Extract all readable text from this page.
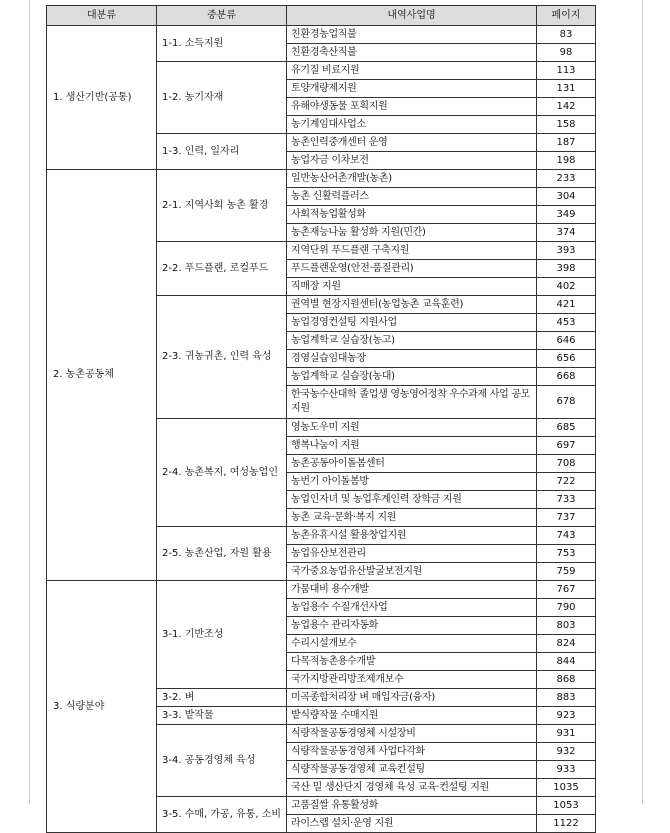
대분류	중분류	내역사업명	페이지
1. 생산기반(공통)	1-1. 소득지원	친환경농업직불	83
		친환경축산직불	98
	1-2. 농기자재	유기질 비료지원	113
		토양개량제지원	131
		유해야생동물 포획지원	142
		농기계임대사업소	158
	1-3. 인력, 일자리	농촌인력중개센터 운영	187
		농업자금 이차보전	198
2. 농촌공동체	2-1. 지역사회 농촌 활경	일반농산어촌개발(농촌)	233
		농촌 신활력플러스	304
		사회적농업활성화	349
		농촌재능나눔 활성화 지원(민간)	374
	2-2. 푸드플랜, 로컬푸드	지역단위 푸드플랜 구축지원	393
		푸드플랜운영(안전·품질관리)	398
		직매장 지원	402
	2-3. 귀농귀촌, 인력 육성	권역별 현장지원센터(농업농촌 교육훈련)	421
		농업경영컨설팅 지원사업	453
		농업계학교 실습장(농고)	646
		경영실습임대농장	656
		농업계학교 실습장(농대)	668
		한국농수산대학 졸업생 영농영어정착 우수과제 사업 공모지원	678
	2-4. 농촌복지, 여성농업인	영농도우미 지원	685
		행복나눔이 지원	697
		농촌공동아이돌봄센터	708
		농번기 아이돌봄방	722
		농업인자녀 및 농업후계인력 장학금 지원	733
		농촌 교육·문화·복지 지원	737
	2-5. 농촌산업, 자원 활용	농촌유휴시설 활용창업지원	743
		농업유산보전관리	753
		국가중요농업유산발굴보전지원	759
3. 식량분야	3-1. 기반조성	가뭄대비 용수개발	767
		농업용수 수질개선사업	790
		농업용수 관리자동화	803
		수리시설개보수	824
		다목적농촌용수개발	844
		국가지방관리방조제개보수	868
	3-2. 벼	미곡종합처리장 벼 매입자금(융자)	883
	3-3. 밭작물	밭식량작물 수매지원	923
	3-4. 공동경영체 육성	식량작물공동경영체 시설장비	931
		식량작물공동경영체 사업다각화	932
		식량작물공동경영체 교육컨설팅	933
		국산 밀 생산단지 경영체 육성 교육·컨설팅 지원	1035
	3-5. 수매, 가공, 유통, 소비	고품질쌀 유통활성화	1053
		라이스랩 설치·운영 지원	1122
